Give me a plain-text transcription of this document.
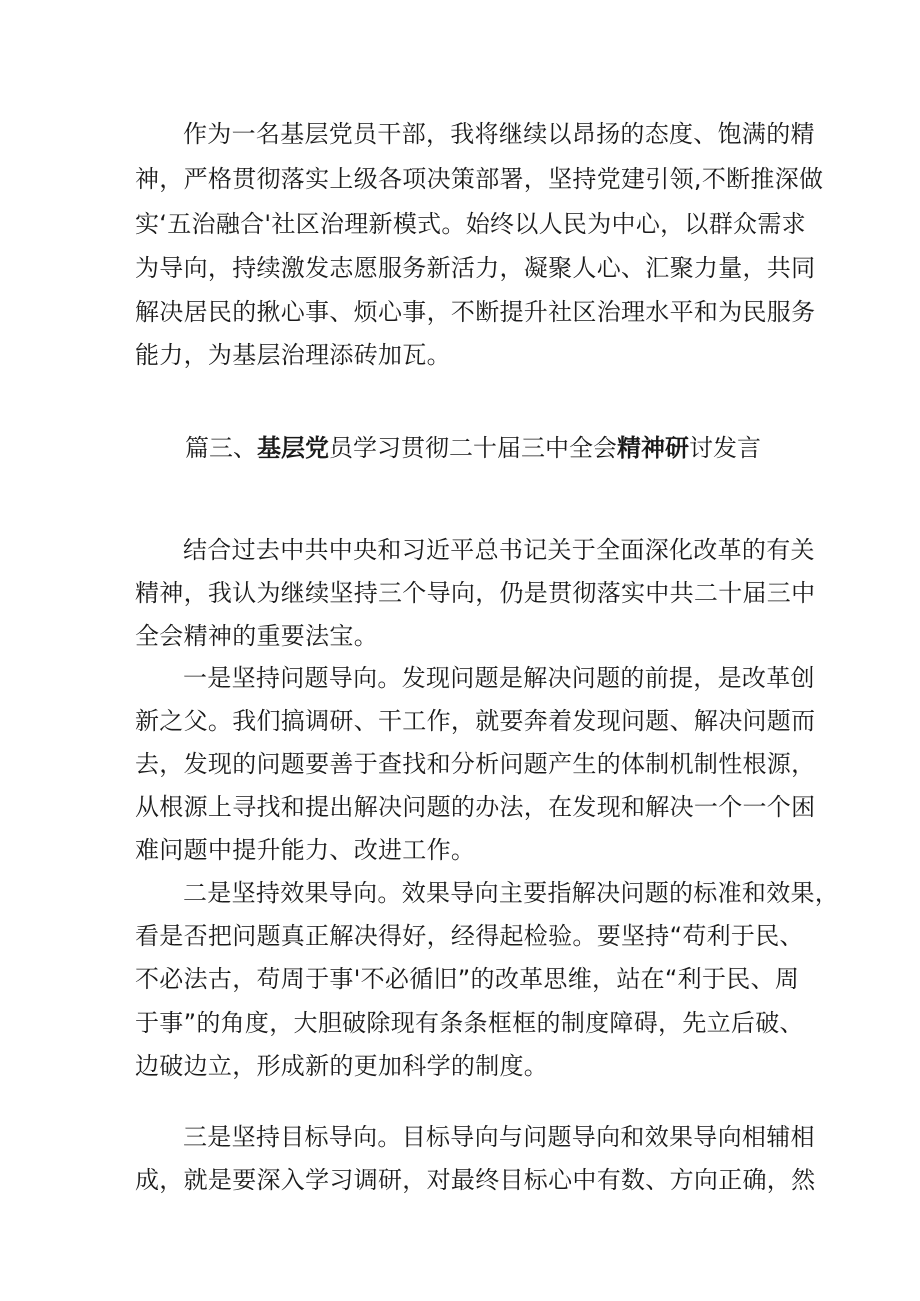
作为一名基层党员干部，我将继续以昂扬的态度、饱满的精
神，严格贯彻落实上级各项决策部署，坚持党建引领,不断推深做
实‘五治融合'社区治理新模式。始终以人民为中心，以群众需求
为导向，持续激发志愿服务新活力，凝聚人心、汇聚力量，共同
解决居民的揪心事、烦心事，不断提升社区治理水平和为民服务
能力，为基层治理添砖加瓦。
篇三、基层党员学习贯彻二十届三中全会精神研讨发言
结合过去中共中央和习近平总书记关于全面深化改革的有关
精神，我认为继续坚持三个导向，仍是贯彻落实中共二十届三中
全会精神的重要法宝。
一是坚持问题导向。发现问题是解决问题的前提，是改革创
新之父。我们搞调研、干工作，就要奔着发现问题、解决问题而
去，发现的问题要善于查找和分析问题产生的体制机制性根源，
从根源上寻找和提出解决问题的办法，在发现和解决一个一个困
难问题中提升能力、改进工作。
二是坚持效果导向。效果导向主要指解决问题的标准和效果，
看是否把问题真正解决得好，经得起检验。要坚持“苟利于民、
不必法古，苟周于事'不必循旧”的改革思维，站在“利于民、周
于事”的角度，大胆破除现有条条框框的制度障碍，先立后破、
边破边立，形成新的更加科学的制度。
三是坚持目标导向。目标导向与问题导向和效果导向相辅相
成，就是要深入学习调研，对最终目标心中有数、方向正确，然
